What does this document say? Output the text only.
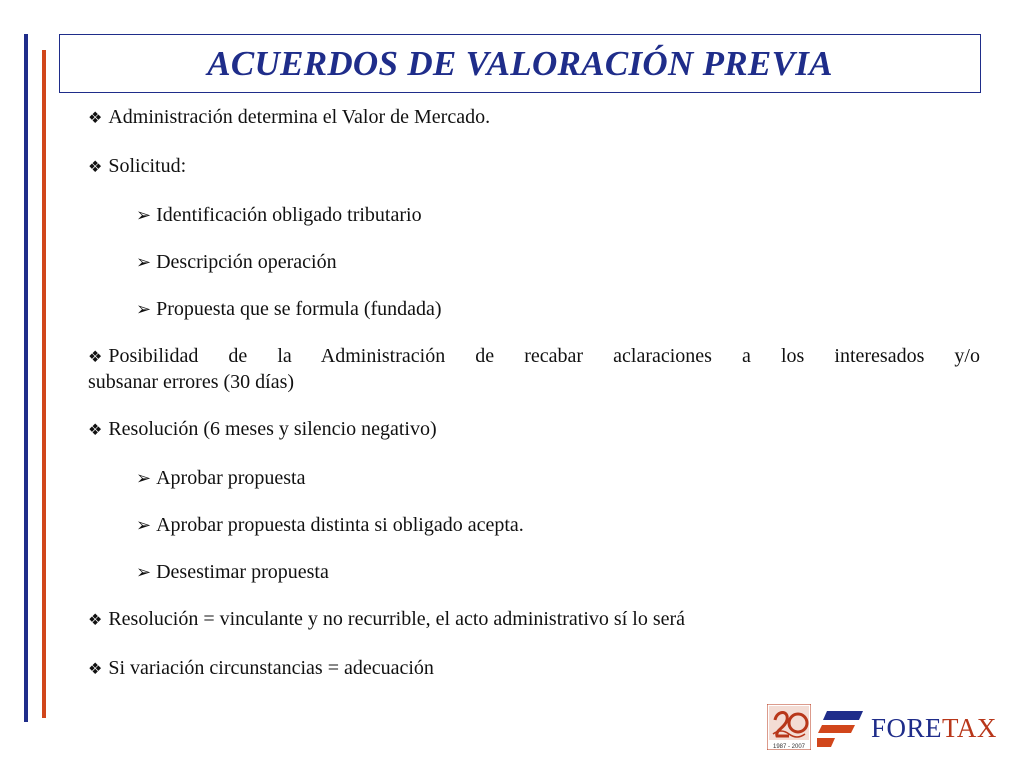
ACUERDOS DE VALORACIÓN PREVIA
❖ Administración determina el Valor de Mercado.
❖ Solicitud:
➢ Identificación obligado tributario
➢ Descripción operación
➢ Propuesta que se formula (fundada)
❖ Posibilidad de la Administración de recabar aclaraciones a los interesados y/o
subsanar errores (30 días)
❖ Resolución (6 meses y silencio negativo)
➢ Aprobar propuesta
➢ Aprobar propuesta distinta si obligado acepta.
➢ Desestimar propuesta
❖ Resolución = vinculante y no recurrible, el acto administrativo sí lo será
❖ Si variación circunstancias = adecuación
1987 - 2007
FORETAX
